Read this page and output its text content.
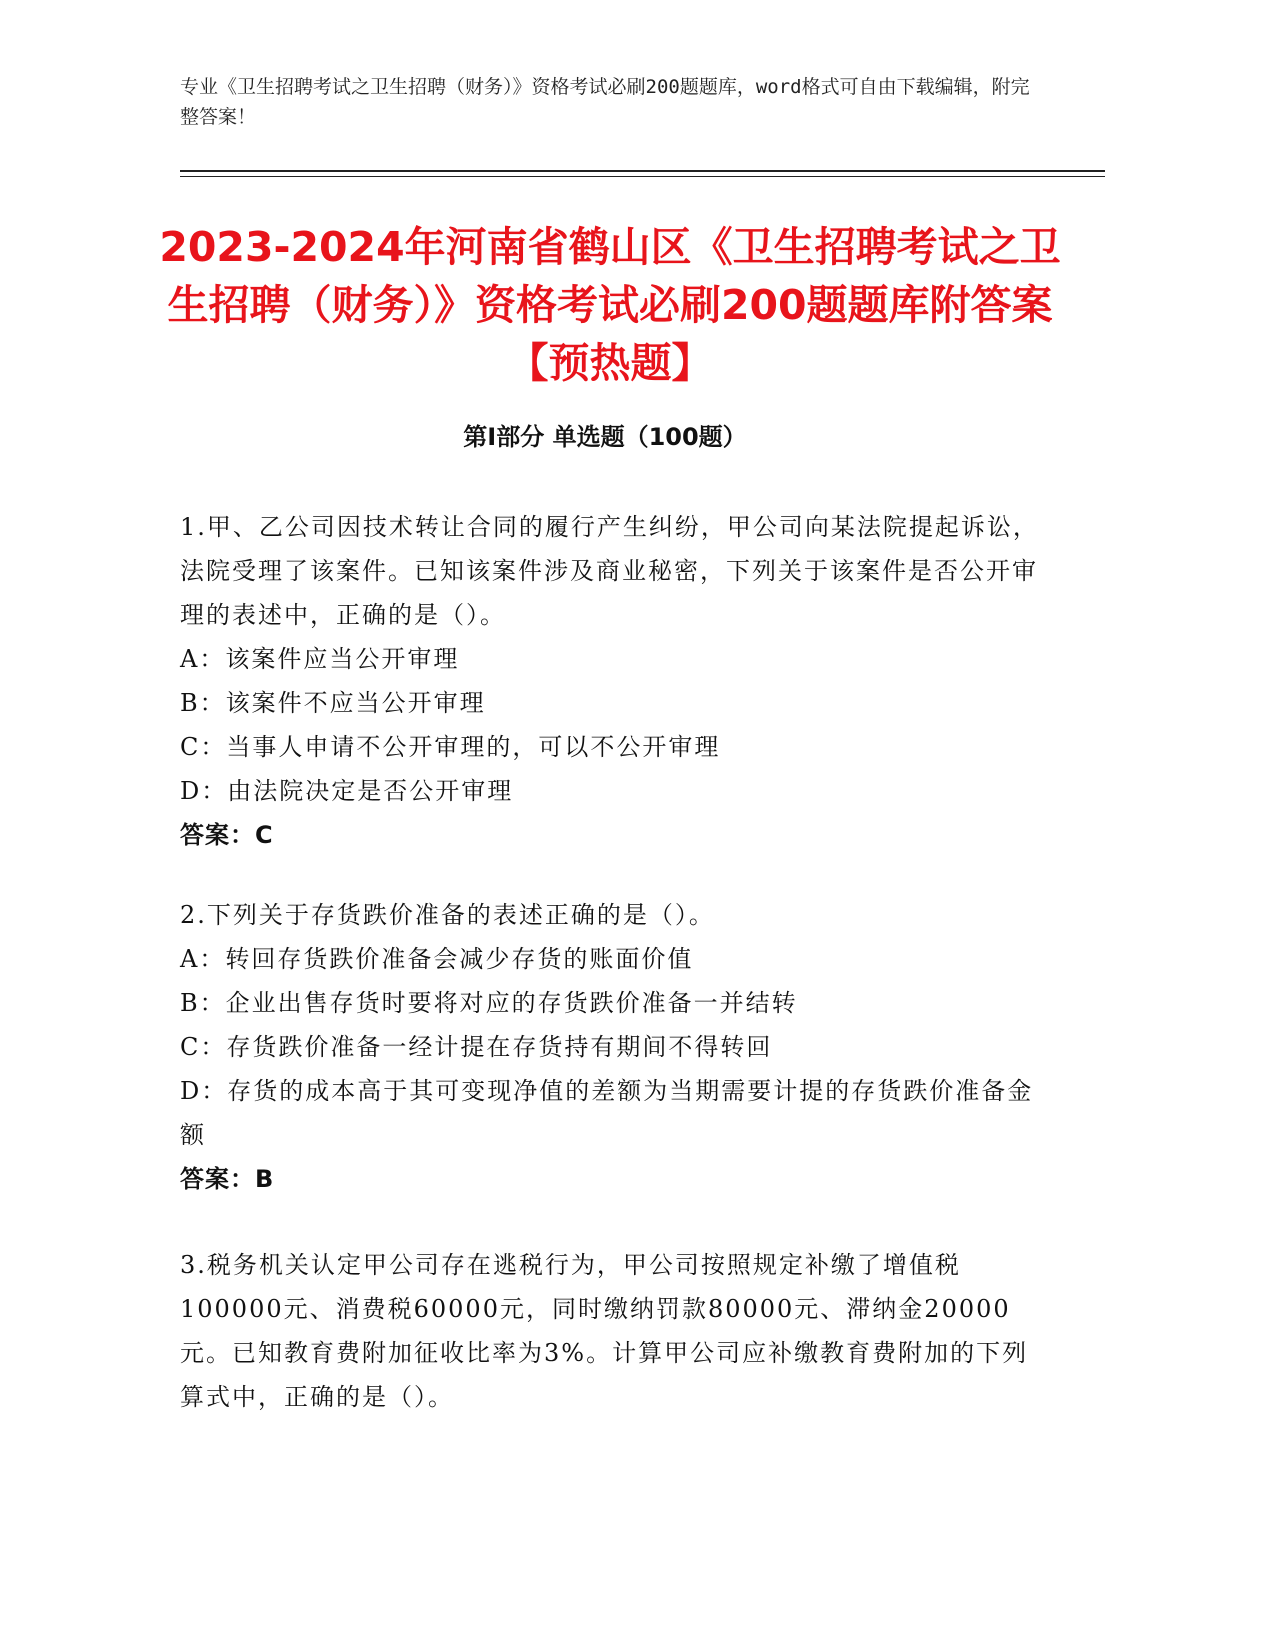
专业《卫生招聘考试之卫生招聘（财务）》资格考试必刷200题题库，word格式可自由下载编辑，附完整答案！
2023-2024年河南省鹤山区《卫生招聘考试之卫生招聘（财务）》资格考试必刷200题题库附答案【预热题】
第Ⅰ部分 单选题（100题）
1.甲、乙公司因技术转让合同的履行产生纠纷，甲公司向某法院提起诉讼，法院受理了该案件。已知该案件涉及商业秘密，下列关于该案件是否公开审理的表述中，正确的是（）。
A：该案件应当公开审理
B：该案件不应当公开审理
C：当事人申请不公开审理的，可以不公开审理
D：由法院决定是否公开审理
答案：C
2.下列关于存货跌价准备的表述正确的是（）。
A：转回存货跌价准备会减少存货的账面价值
B：企业出售存货时要将对应的存货跌价准备一并结转
C：存货跌价准备一经计提在存货持有期间不得转回
D：存货的成本高于其可变现净值的差额为当期需要计提的存货跌价准备金额
答案：B
3.税务机关认定甲公司存在逃税行为，甲公司按照规定补缴了增值税100000元、消费税60000元，同时缴纳罚款80000元、滞纳金20000元。已知教育费附加征收比率为3%。计算甲公司应补缴教育费附加的下列算式中，正确的是（）。
